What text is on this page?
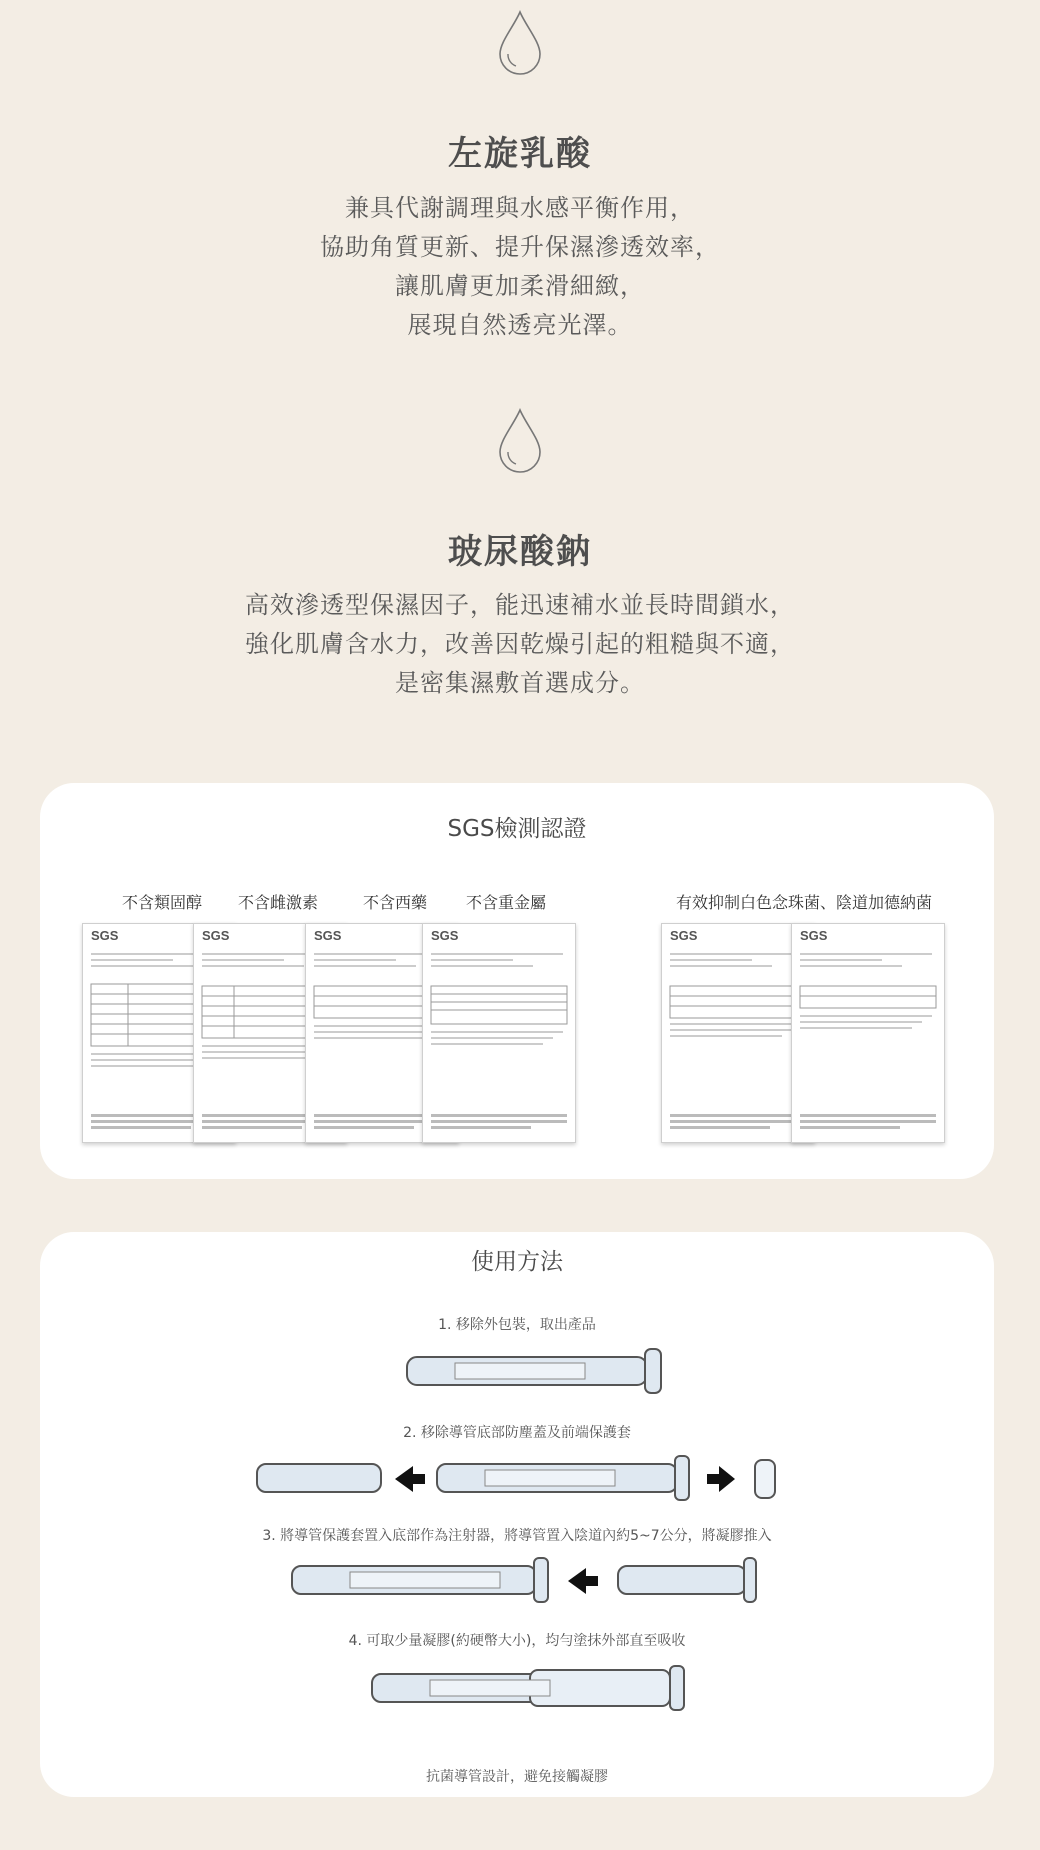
左旋乳酸
兼具代謝調理與水感平衡作用，
協助角質更新、提升保濕滲透效率，
讓肌膚更加柔滑細緻，
展現自然透亮光澤。
玻尿酸鈉
高效滲透型保濕因子，能迅速補水並長時間鎖水，
強化肌膚含水力，改善因乾燥引起的粗糙與不適，
是密集濕敷首選成分。
SGS檢測認證
不含類固醇 不含雌激素	不含西藥 不含重金屬	有效抑制白色念珠菌、陰道加德納菌
SGS	SGS	SGS	SGS	SGS	SGS
使用方法
1. 移除外包裝，取出產品
2. 移除導管底部防塵蓋及前端保護套
3. 將導管保護套置入底部作為注射器，將導管置入陰道內約5~7公分，將凝膠推入
4. 可取少量凝膠(約硬幣大小)，均勻塗抹外部直至吸收
抗菌導管設計，避免接觸凝膠
